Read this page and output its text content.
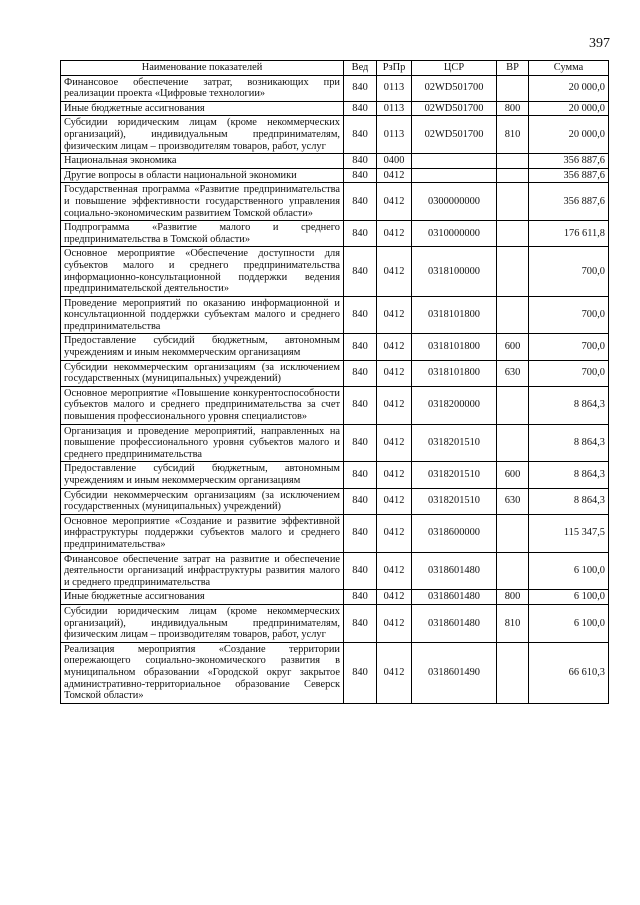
397
Наименование показателей	Вед	РзПр	ЦСР	ВР	Сумма
Финансовое обеспечение затрат, возникающих при реализации проекта «Цифровые технологии»	840	0113	02WD501700		20 000,0
Иные бюджетные ассигнования	840	0113	02WD501700	800	20 000,0
Субсидии юридическим лицам (кроме некоммерческих организаций), индивидуальным предпринимателям, физическим лицам – производителям товаров, работ, услуг	840	0113	02WD501700	810	20 000,0
Национальная экономика	840	0400			356 887,6
Другие вопросы в области национальной экономики	840	0412			356 887,6
Государственная программа «Развитие предпринимательства и повышение эффективности государственного управления социально-экономическим развитием Томской области»	840	0412	0300000000		356 887,6
Подпрограмма «Развитие малого и среднего предпринимательства в Томской области»	840	0412	0310000000		176 611,8
Основное мероприятие «Обеспечение доступности для субъектов малого и среднего предпринимательства информационно-консультационной поддержки ведения предпринимательской деятельности»	840	0412	0318100000		700,0
Проведение мероприятий по оказанию информационной и консультационной поддержки субъектам малого и среднего предпринимательства	840	0412	0318101800		700,0
Предоставление субсидий бюджетным, автономным учреждениям и иным некоммерческим организациям	840	0412	0318101800	600	700,0
Субсидии некоммерческим организациям (за исключением государственных (муниципальных) учреждений)	840	0412	0318101800	630	700,0
Основное мероприятие «Повышение конкурентоспособности субъектов малого и среднего предпринимательства за счет повышения профессионального уровня специалистов»	840	0412	0318200000		8 864,3
Организация и проведение мероприятий, направленных на повышение профессионального уровня субъектов малого и среднего предпринимательства	840	0412	0318201510		8 864,3
Предоставление субсидий бюджетным, автономным учреждениям и иным некоммерческим организациям	840	0412	0318201510	600	8 864,3
Субсидии некоммерческим организациям (за исключением государственных (муниципальных) учреждений)	840	0412	0318201510	630	8 864,3
Основное мероприятие «Создание и развитие эффективной инфраструктуры поддержки субъектов малого и среднего предпринимательства»	840	0412	0318600000		115 347,5
Финансовое обеспечение затрат на развитие и обеспечение деятельности организаций инфраструктуры развития малого и среднего предпринимательства	840	0412	0318601480		6 100,0
Иные бюджетные ассигнования	840	0412	0318601480	800	6 100,0
Субсидии юридическим лицам (кроме некоммерческих организаций), индивидуальным предпринимателям, физическим лицам – производителям товаров, работ, услуг	840	0412	0318601480	810	6 100,0
Реализация мероприятия «Создание территории опережающего социально-экономического развития в муниципальном образовании «Городской округ закрытое административно-территориальное образование Северск Томской области»	840	0412	0318601490		66 610,3
